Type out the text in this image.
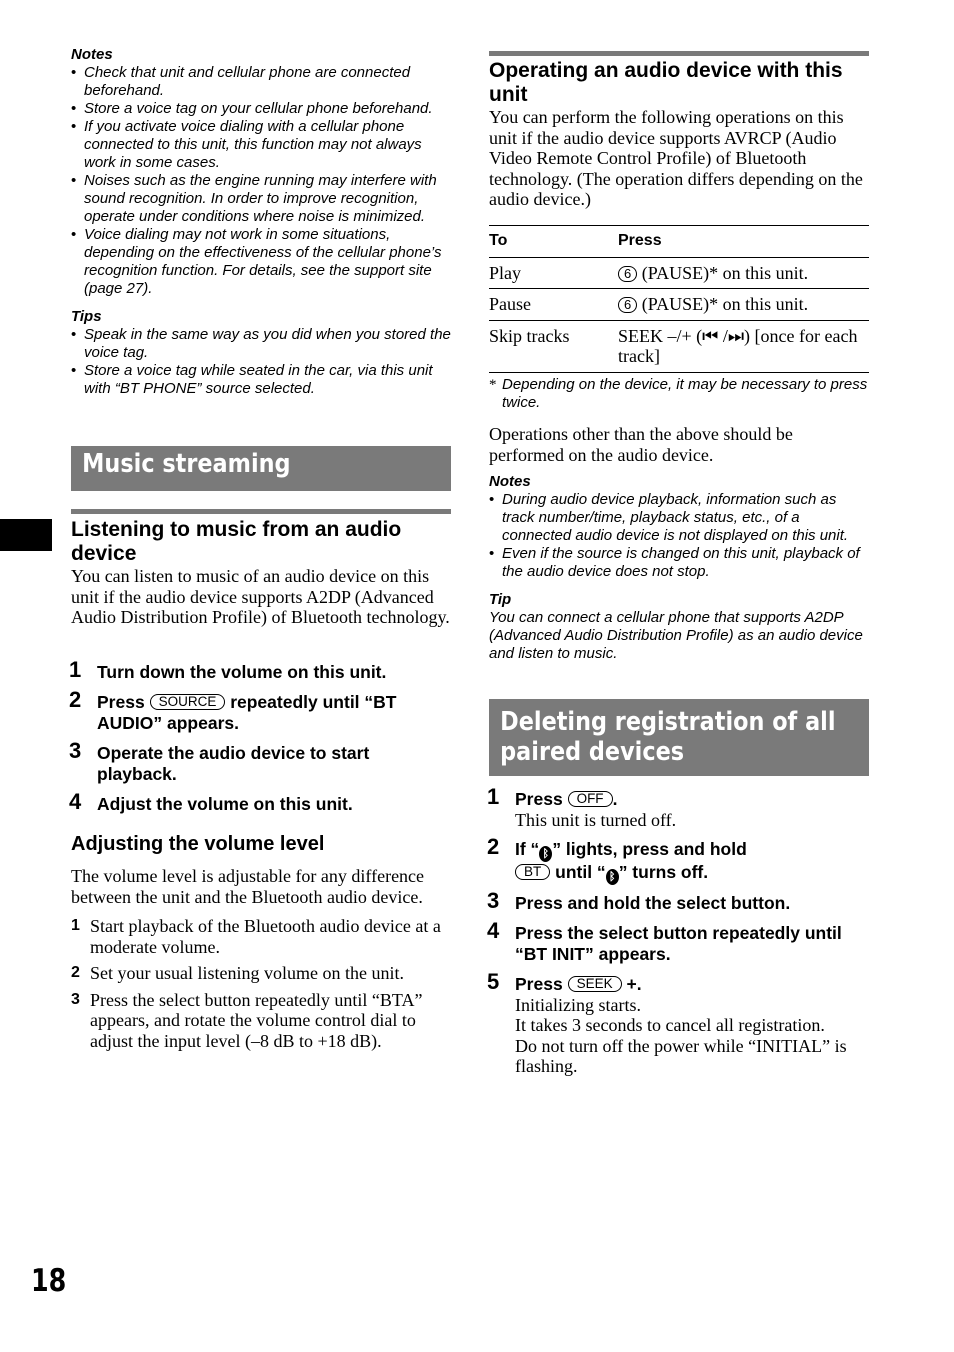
Notes
• Check that unit and cellular phone are connected beforehand.
• Store a voice tag on your cellular phone beforehand.
• If you activate voice dialing with a cellular phone connected to this unit, this function may not always work in some cases.
• Noises such as the engine running may interfere with sound recognition. In order to improve recognition, operate under conditions where noise is minimized.
• Voice dialing may not work in some situations, depending on the effectiveness of the cellular phone’s recognition function. For details, see the support site (page 27).
Tips
• Speak in the same way as you did when you stored the voice tag.
• Store a voice tag while seated in the car, via this unit with “BT PHONE” source selected.
Music streaming
Listening to music from an audio device

You can listen to music of an audio device on this unit if the audio device supports A2DP (Advanced Audio Distribution Profile) of Bluetooth technology.

1 Turn down the volume on this unit.
2 Press SOURCE repeatedly until “BT AUDIO” appears.
3 Operate the audio device to start playback.
4 Adjust the volume on this unit.
Adjusting the volume level

The volume level is adjustable for any difference between the unit and the Bluetooth audio device.

1 Start playback of the Bluetooth audio device at a moderate volume.
2 Set your usual listening volume on the unit.
3 Press the select button repeatedly until “BTA” appears, and rotate the volume control dial to adjust the input level (–8 dB to +18 dB).
Operating an audio device with this unit

You can perform the following operations on this unit if the audio device supports AVRCP (Audio Video Remote Control Profile) of Bluetooth technology. (The operation differs depending on the audio device.)

To	Press
Play	6 (PAUSE)* on this unit.
Pause	6 (PAUSE)* on this unit.
Skip tracks	SEEK –/+ (⏮ /⏭) [once for each track]
* Depending on the device, it may be necessary to press twice.

Operations other than the above should be performed on the audio device.

Notes
• During audio device playback, information such as track number/time, playback status, etc., of a connected audio device is not displayed on this unit.
• Even if the source is changed on this unit, playback of the audio device does not stop.
Tip

You can connect a cellular phone that supports A2DP (Advanced Audio Distribution Profile) as an audio device and listen to music.

Deleting registration of all paired devices
1 Press OFF .
This unit is turned off.
2 If “ ᛒ ” lights, press and hold
BT until “ ᛒ ” turns off.
3 Press and hold the select button.
4 Press the select button repeatedly until “BT INIT” appears.
5 Press SEEK +.
Initializing starts.
It takes 3 seconds to cancel all registration.
Do not turn off the power while “INITIAL” is flashing.
18
